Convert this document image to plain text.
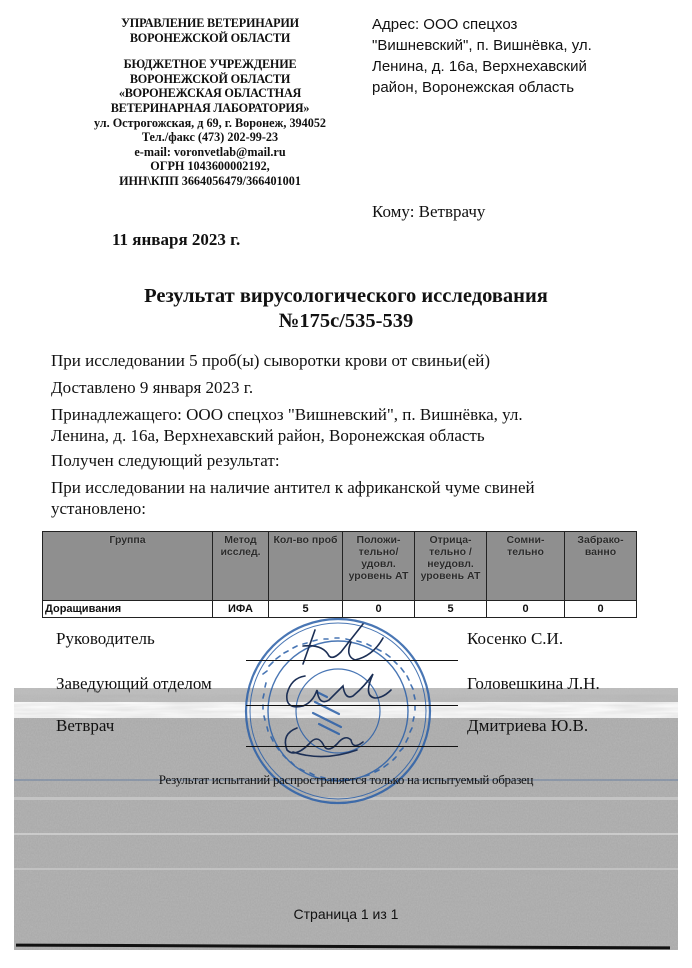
УПРАВЛЕНИЕ ВЕТЕРИНАРИИ
ВОРОНЕЖСКОЙ ОБЛАСТИ
БЮДЖЕТНОЕ УЧРЕЖДЕНИЕ
ВОРОНЕЖСКОЙ ОБЛАСТИ
«ВОРОНЕЖСКАЯ ОБЛАСТНАЯ
ВЕТЕРИНАРНАЯ ЛАБОРАТОРИЯ»
ул. Острогожская, д 69, г. Воронеж, 394052
Тел./факс (473) 202-99-23
e-mail: voronvetlab@mail.ru
ОГРН 1043600002192,
ИНН\КПП 3664056479/366401001
Адрес: ООО спецхоз
"Вишневский", п. Вишнёвка, ул.
Ленина, д. 16а, Верхнехавский
район, Воронежская область
Кому: Ветврачу
11 января 2023 г.
Результат вирусологического исследования
№175с/535-539

При исследовании 5 проб(ы) сыворотки крови от свиньи(ей)

Доставлено 9 января 2023 г.

Принадлежащего: ООО спецхоз "Вишневский", п. Вишнёвка, ул.
Ленина, д. 16а, Верхнехавский район, Воронежская область

Получен следующий результат:

При исследовании на наличие антител к африканской чуме свиней
установлено:

Группа	Метод исслед.	Кол-во проб	Положи-тельно/ удовл. уровень АТ	Отрица-тельно / неудовл. уровень АТ	Сомни-тельно	Забрако-ванно
Доращивания	ИФА	5	0	5	0	0
Руководитель	Косенко С.И.
Заведующий отделом	Головешкина Л.Н.
Ветврач	Дмитриева Ю.В.
Результат испытаний распространяется только на испытуемый образец
Страница 1 из 1
